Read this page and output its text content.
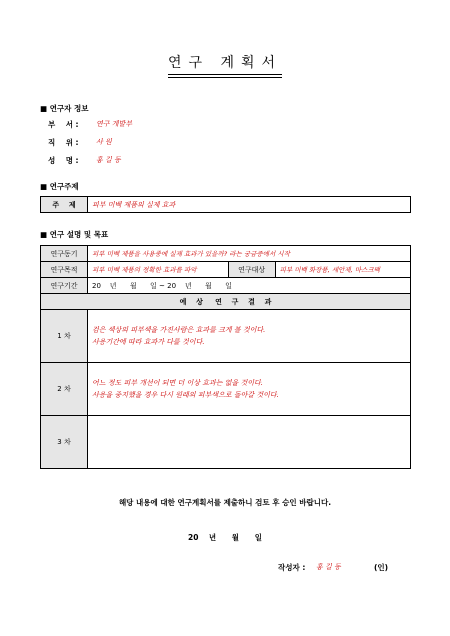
연구 계획서
■ 연구자 정보
부    서 : 연구 개발부
직    위 : 사 원
성    명 : 홍 길 동
■ 연구주제
주    제	피부 미백 제품의 실제 효과
■ 연구 설명 및 목표
연구동기	피부 미백 제품을 사용중에 실제 효과가 있을까? 라는 궁금증에서 시작		
연구목적	피부 미백 제품의 정확한 효과를 파악	연구대상	피부 미백 화장품, 세안제, 마스크팩
연구기간	20    년      월      일 ~ 20    년      월      일		
예    상     연    구    결    과			
1 차	검은 색상의 피부색을 가진사람은 효과를 크게 볼 것이다.
사용기간에 따라 효과가 다를 것이다.		

2 차	어느 정도 피부 개선이 되면 더 이상 효과는 없을 것이다.
사용을 중지했을 경우 다시 원래의 피부색으로 돌아갈 것이다.		

3 차			
해당 내용에 대한 연구계획서를 제출하니 검토 후 승인 바랍니다.
20    년      월      일
작성자 : 홍 길 동	(인)
